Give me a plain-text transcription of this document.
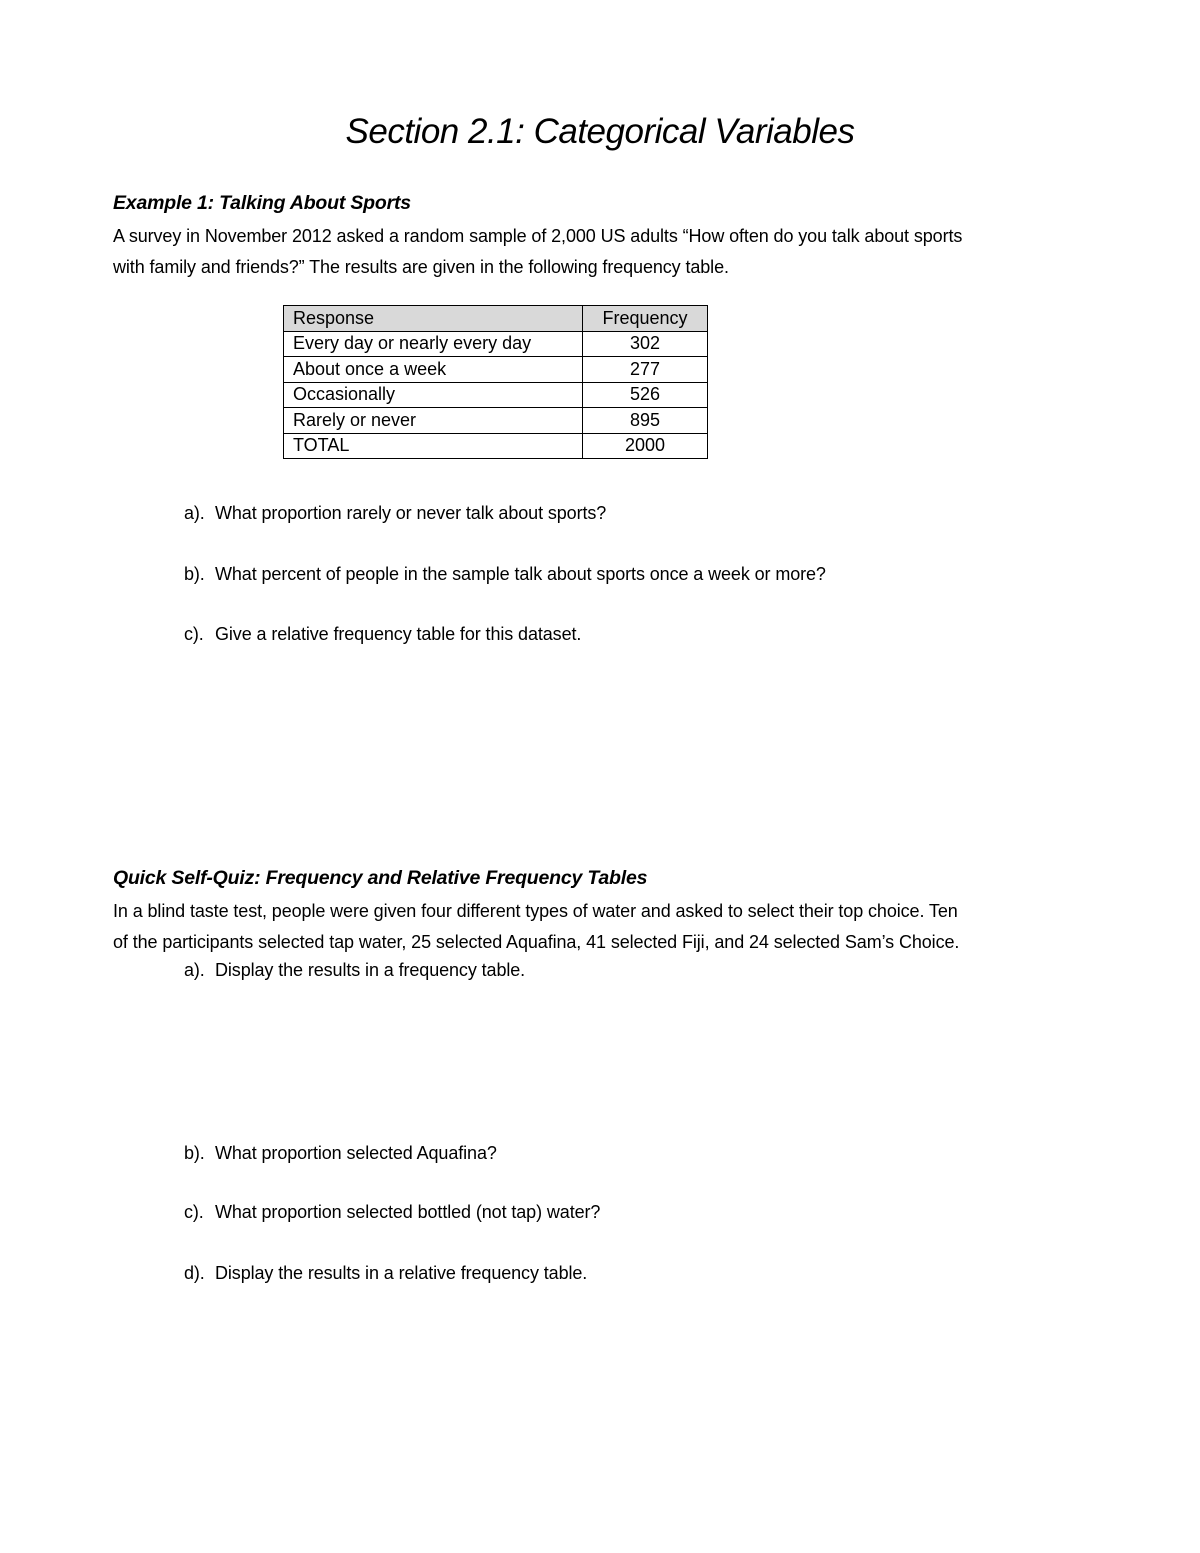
Section 2.1: Categorical Variables
Example 1: Talking About Sports
A survey in November 2012 asked a random sample of 2,000 US adults “How often do you talk about sports
with family and friends?” The results are given in the following frequency table.
Response	Frequency
Every day or nearly every day	302
About once a week	277
Occasionally	526
Rarely or never	895
TOTAL	2000
a). What proportion rarely or never talk about sports?
b). What percent of people in the sample talk about sports once a week or more?
c). Give a relative frequency table for this dataset.
Quick Self-Quiz: Frequency and Relative Frequency Tables
In a blind taste test, people were given four different types of water and asked to select their top choice. Ten
of the participants selected tap water, 25 selected Aquafina, 41 selected Fiji, and 24 selected Sam’s Choice.
a). Display the results in a frequency table.
b). What proportion selected Aquafina?
c). What proportion selected bottled (not tap) water?
d). Display the results in a relative frequency table.
